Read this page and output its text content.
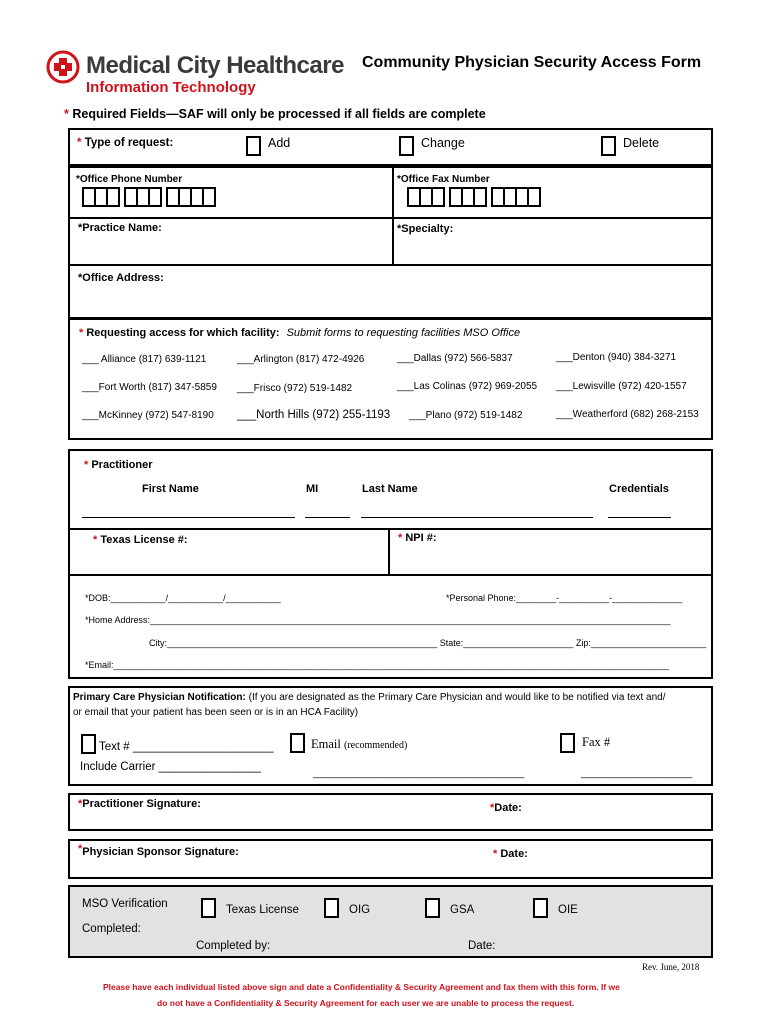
Medical City Healthcare
Information Technology
Community Physician Security Access Form
* Required Fields—SAF will only be processed if all fields are complete
* Type of request:	Add	Change	Delete
*Office Phone Number	*Office Fax Number
*Practice Name:	*Specialty:
*Office Address:
* Requesting access for which facility: Submit forms to requesting facilities MSO Office
___ Alliance (817) 639-1121	___Arlington (817) 472-4926	___Dallas (972) 566-5837	___Denton (940) 384-3271
___Fort Worth (817) 347-5859 ___Frisco (972) 519-1482	___Las Colinas (972) 969-2055 ___Lewisville (972) 420-1557
___McKinney (972) 547-8190 ___North Hills (972) 255-1193 ___Plano (972) 519-1482	___Weatherford (682) 268-2153
* Practitioner
First Name	MI	Last Name	Credentials
* Texas License #:	* NPI #:
*DOB:___________/___________/___________	*Personal Phone:________-__________-______________
*Home Address:________________________________________________________________________________________________________
City:______________________________________________________ State:______________________ Zip:_______________________
*Email:_______________________________________________________________________________________________________________
Primary Care Physician Notification: (If you are designated as the Primary Care Physician and would like to be notified via text and/
or email that your patient has been seen or is in an HCA Facility)
Text # ______________________
Include Carrier ________________
Email (recommended)
______________________________________
Fax #
____________________
*Practitioner Signature:	*Date:
*Physician Sponsor Signature:	* Date:
MSO Verification
Completed:
Texas License	OIG	GSA	OIE
Completed by:	Date:
Rev. June, 2018
Please have each individual listed above sign and date a Confidentiality & Security Agreement and fax them with this form. If we
do not have a Confidentiality & Security Agreement for each user we are unable to process the request.
